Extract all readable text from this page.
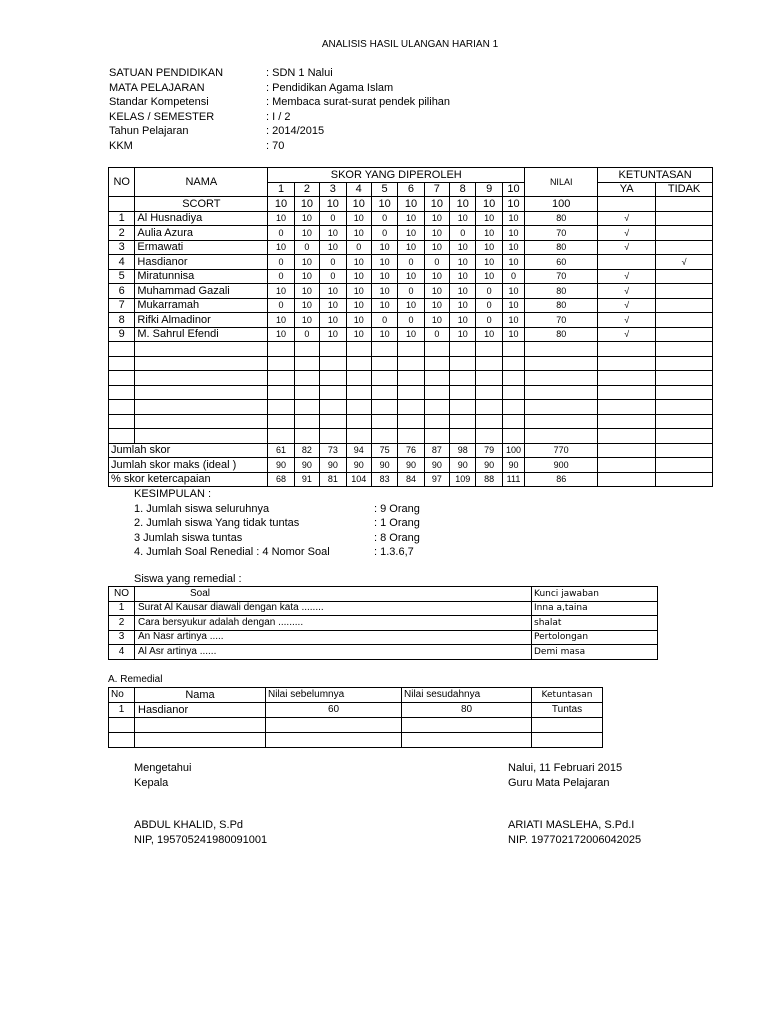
ANALISIS HASIL ULANGAN HARIAN 1
SATUAN PENDIDIKAN	: SDN 1 Nalui
MATA PELAJARAN	: Pendidikan Agama Islam
Standar Kompetensi	: Membaca surat-surat pendek pilihan
KELAS / SEMESTER	: I / 2
Tahun Pelajaran	: 2014/2015
KKM	: 70
NO	NAMA	SKOR YANG DIPEROLEH										NILAI	KETUNTASAN	
		1	2	3	4	5	6	7	8	9	10		YA	TIDAK
	SCORT	10	10	10	10	10	10	10	10	10	10	100		
1	Al Husnadiya	10	10	0	10	0	10	10	10	10	10	80	√	
2	Aulia Azura	0	10	10	10	0	10	10	0	10	10	70	√	
3	Ermawati	10	0	10	0	10	10	10	10	10	10	80	√	
4	Hasdianor	0	10	0	10	10	0	0	10	10	10	60		√
5	Miratunnisa	0	10	0	10	10	10	10	10	10	0	70	√	
6	Muhammad Gazali	10	10	10	10	10	0	10	10	0	10	80	√	
7	Mukarramah	0	10	10	10	10	10	10	10	0	10	80	√	
8	Rifki Almadinor	10	10	10	10	0	0	10	10	0	10	70	√	
9	M. Sahrul Efendi	10	0	10	10	10	10	0	10	10	10	80	√	

Jumlah skor		61	82	73	94	75	76	87	98	79	100	770		
Jumlah skor maks (ideal )		90	90	90	90	90	90	90	90	90	90	900		
% skor ketercapaian		68	91	81	104	83	84	97	109	88	111	86		
KESIMPULAN :
1. Jumlah siswa seluruhnya	: 9 Orang
2. Jumlah siswa Yang tidak tuntas	: 1 Orang
3 Jumlah siswa tuntas	: 8 Orang
4. Jumlah Soal Renedial : 4 Nomor Soal	: 1.3.6,7
Siswa yang remedial :
NO	Soal	Kunci jawaban
1	Surat Al Kausar diawali dengan kata ........	Inna a,taina
2	Cara bersyukur adalah dengan .........	shalat
3	An Nasr artinya .....	Pertolongan
4	Al Asr artinya ......	Demi masa
A. Remedial
No	Nama	Nilai sebelumnya	Nilai sesudahnya	Ketuntasan	
1	Hasdianor	60	80	Tuntas	

Mengetahui
Kepala
ABDUL KHALID, S.Pd
NIP, 195705241980091001
Nalui, 11 Februari 2015
Guru Mata Pelajaran
ARIATI MASLEHA, S.Pd.I
NIP. 197702172006042025
